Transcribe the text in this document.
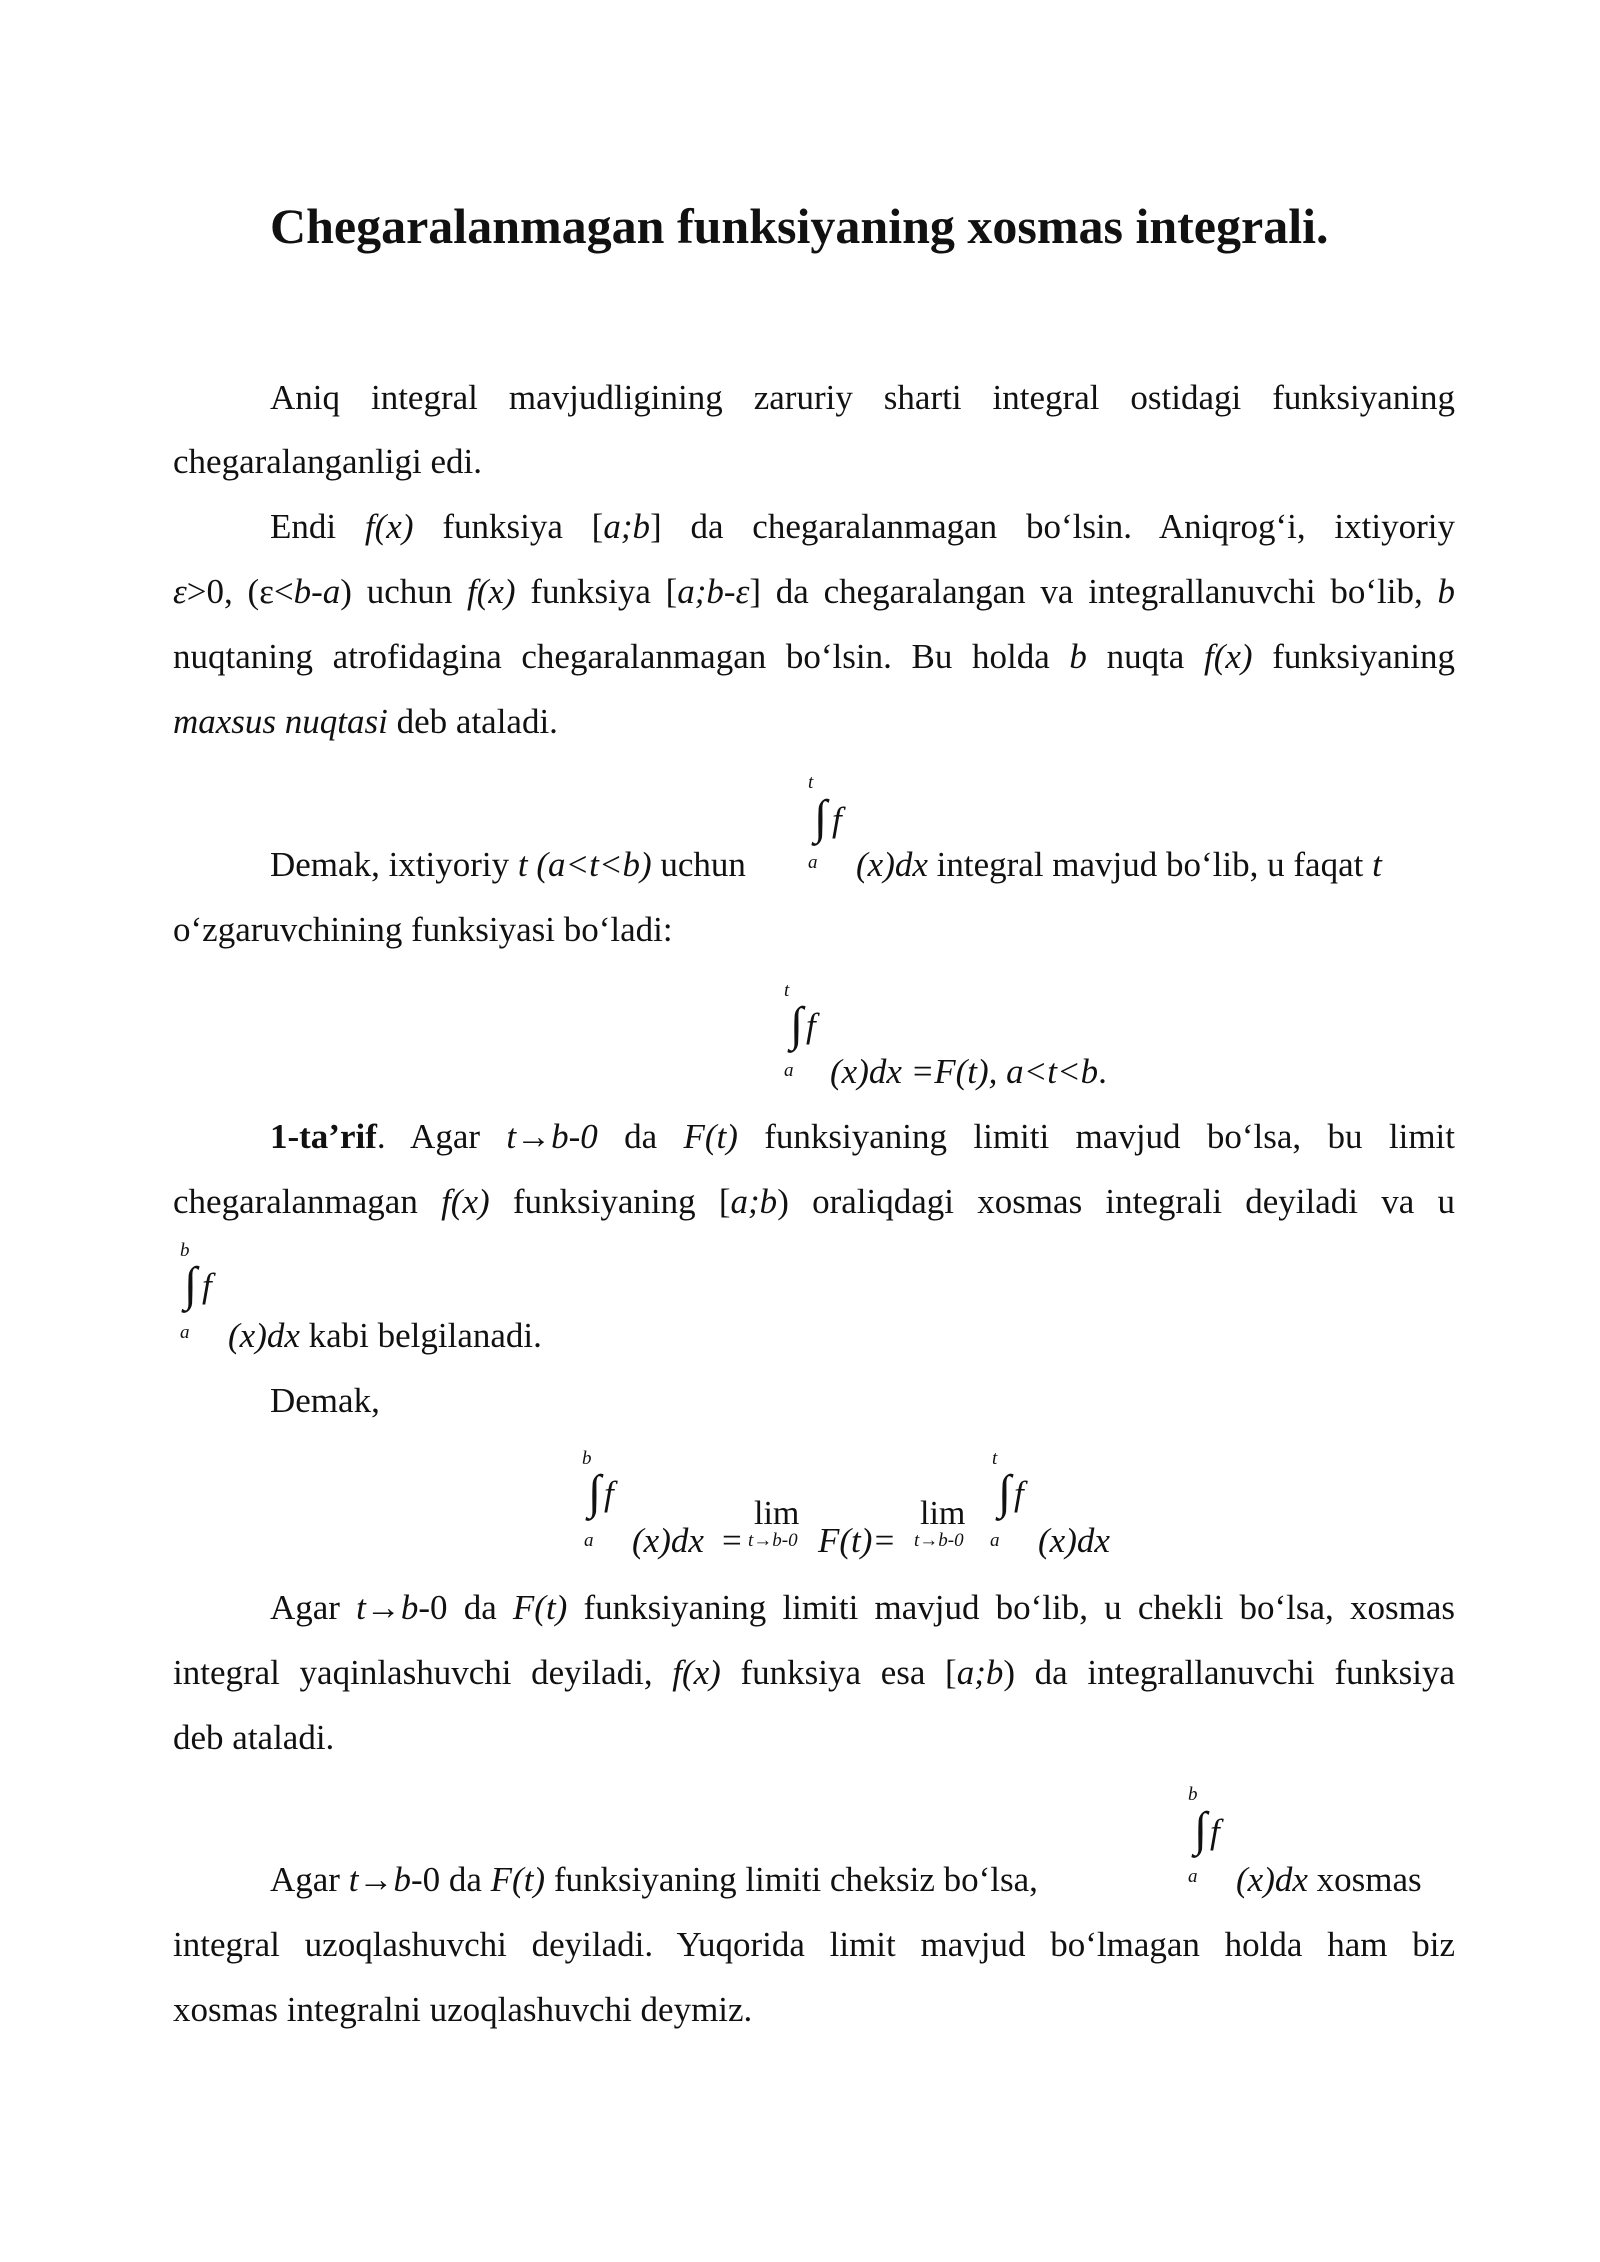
Chegaralanmagan funksiyaning xosmas integrali.
Aniq integral mavjudligining zaruriy sharti integral ostidagi funksiyaning
chegaralanganligi edi.
Endi f(x) funksiya [a;b] da chegaralanmagan bo‘lsin. Aniqrog‘i, ixtiyoriy
ε>0, (ε<b-a) uchun f(x) funksiya [a;b-ε] da chegaralangan va integrallanuvchi bo‘lib, b
nuqtaning atrofidagina chegaralanmagan bo‘lsin. Bu holda b nuqta f(x) funksiyaning
maxsus nuqtasi deb ataladi.
Demak, ixtiyoriy t (a<t<b) uchun
t
∫ f
a (x)dx integral mavjud bo‘lib, u faqat t
o‘zgaruvchining funksiyasi bo‘ladi:
t
∫ f
a (x)dx =F(t), a<t<b.
1-ta’rif. Agar t→b-0 da F(t) funksiyaning limiti mavjud bo‘lsa, bu limit
chegaralanmagan f(x) funksiyaning [a;b) oraliqdagi xosmas integrali deyiladi va u
b
∫ f
a (x)dx kabi belgilanadi.
Demak,
b
∫ f
a (x)dx =
lim
t→b-0 F(t)=
lim
t→b-0
t
∫ f
a (x)dx
Agar t→b-0 da F(t) funksiyaning limiti mavjud bo‘lib, u chekli bo‘lsa, xosmas
integral yaqinlashuvchi deyiladi, f(x) funksiya esa [a;b) da integrallanuvchi funksiya
deb ataladi.
Agar t→b-0 da F(t) funksiyaning limiti cheksiz bo‘lsa,
b
∫ f
a (x)dx xosmas
integral uzoqlashuvchi deyiladi. Yuqorida limit mavjud bo‘lmagan holda ham biz
xosmas integralni uzoqlashuvchi deymiz.
